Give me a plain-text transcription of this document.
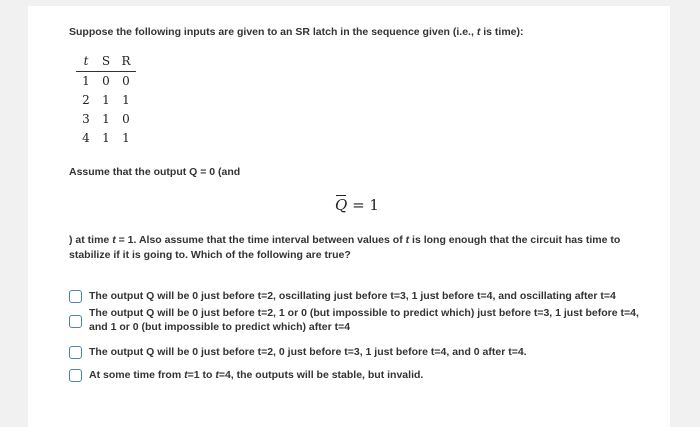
Suppose the following inputs are given to an SR latch in the sequence given (i.e., t is time):
t	S	R
1	0	0
2	1	1
3	1	0
4	1	1
Assume that the output Q = 0 (and
Q = 1
) at time t = 1. Also assume that the time interval between values of t is long enough that the circuit has time to stabilize if it is going to. Which of the following are true?
The output Q will be 0 just before t=2, oscillating just before t=3, 1 just before t=4, and oscillating after t=4
The output Q will be 0 just before t=2, 1 or 0 (but impossible to predict which) just before t=3, 1 just before t=4, and 1 or 0 (but impossible to predict which) after t=4
The output Q will be 0 just before t=2, 0 just before t=3, 1 just before t=4, and 0 after t=4.
At some time from t=1 to t=4, the outputs will be stable, but invalid.
